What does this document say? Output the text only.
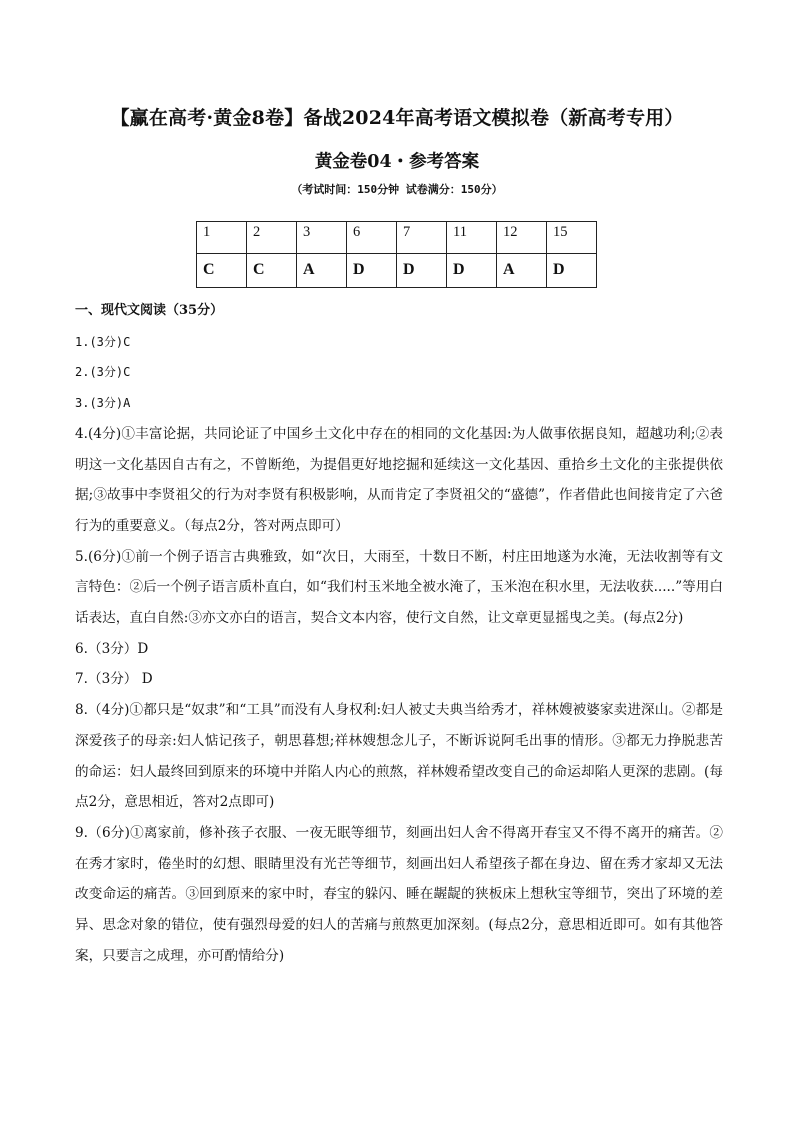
【赢在高考·黄金8卷】备战2024年高考语文模拟卷（新高考专用）
黄金卷04・参考答案
（考试时间：150分钟 试卷满分：150分）
1	2	3	6	7	11	12	15
C	C	A	D	D	D	A	D

一、现代文阅读（35分）

1.(3分)C

2.(3分)C

3.(3分)A

4.(4分)①丰富论据，共同论证了中国乡土文化中存在的相同的文化基因:为人做事依据良知，超越功利;②表明这一文化基因自古有之，不曾断绝，为提倡更好地挖掘和延续这一文化基因、重拾乡土文化的主张提供依据;③故事中李贤祖父的行为对李贤有积极影响，从而肯定了李贤祖父的“盛德”，作者借此也间接肯定了六爸行为的重要意义。（每点2分，答对两点即可）

5.(6分)①前一个例子语言古典雅致，如“次日，大雨至，十数日不断，村庄田地遂为水淹，无法收割等有文言特色：②后一个例子语言质朴直白，如“我们村玉米地全被水淹了，玉米泡在积水里，无法收获.....”等用白话表达，直白自然:③亦文亦白的语言，契合文本内容，使行文自然，让文章更显摇曳之美。(每点2分)

6.（3分）D

7.（3分） D

8.（4分)①都只是“奴隶”和“工具”而没有人身权利:妇人被丈夫典当给秀才，祥林嫂被婆家卖进深山。②都是深爱孩子的母亲:妇人惦记孩子，朝思暮想;祥林嫂想念儿子，不断诉说阿毛出事的情形。③都无力挣脱悲苦的命运：妇人最终回到原来的环境中并陷人内心的煎熬，祥林嫂希望改变自己的命运却陷人更深的悲剧。(每点2分，意思相近，答对2点即可)

9.（6分)①离家前，修补孩子衣服、一夜无眠等细节，刻画出妇人舍不得离开春宝又不得不离开的痛苦。②在秀才家时，倦坐时的幻想、眼睛里没有光芒等细节，刻画出妇人希望孩子都在身边、留在秀才家却又无法改变命运的痛苦。③回到原来的家中时，春宝的躲闪、睡在龌龊的狭板床上想秋宝等细节，突出了环境的差异、思念对象的错位，使有强烈母爱的妇人的苦痛与煎熬更加深刻。(每点2分，意思相近即可。如有其他答案，只要言之成理，亦可酌情给分)
